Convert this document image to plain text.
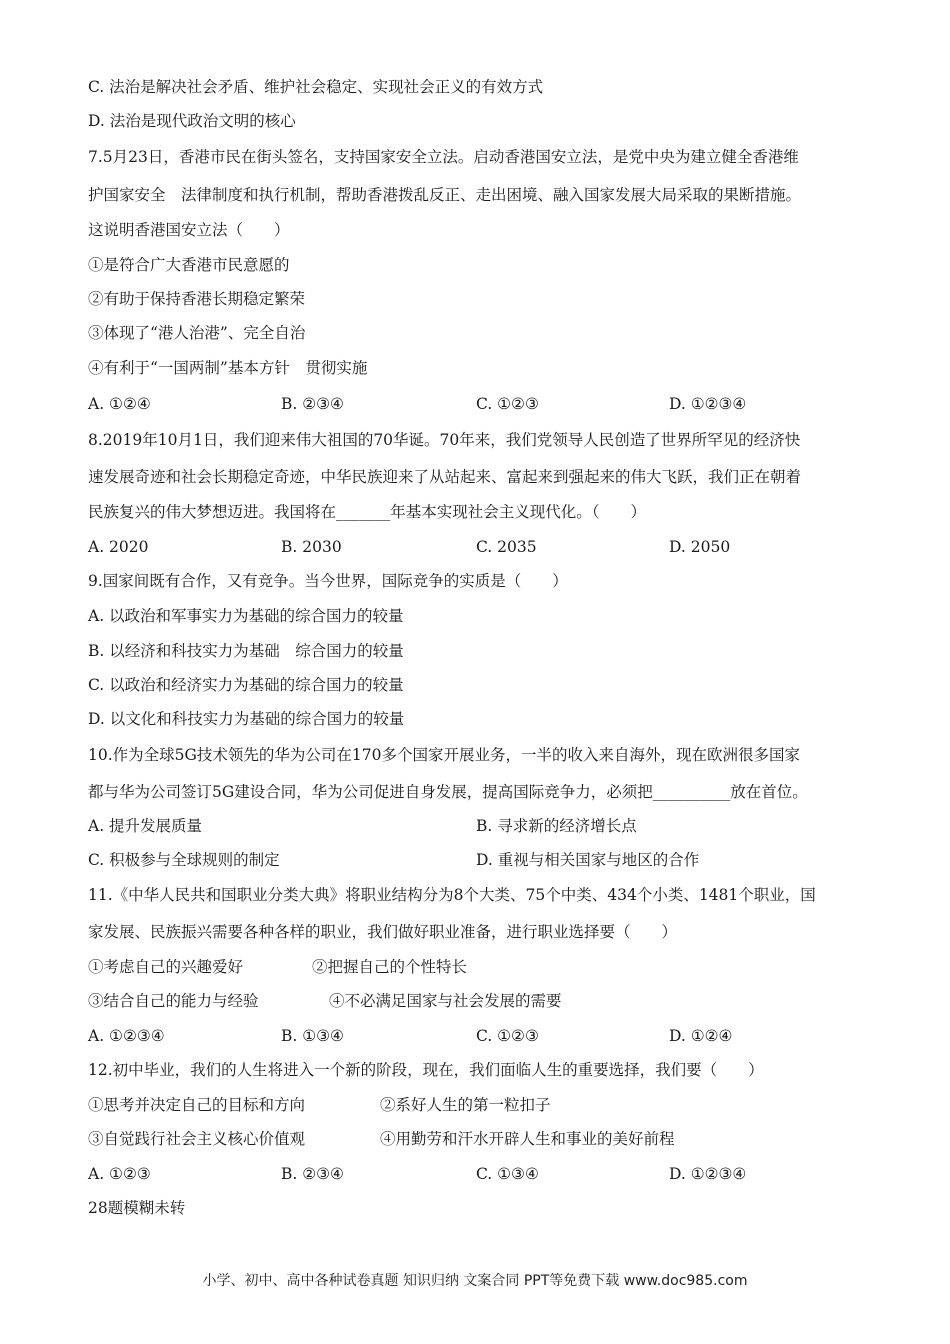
C. 法治是解决社会矛盾、维护社会稳定、实现社会正义的有效方式
D. 法治是现代政治文明的核心
7.5月23日，香港市民在街头签名，支持国家安全立法。启动香港国安立法，是党中央为建立健全香港维
护国家安全　法律制度和执行机制，帮助香港拨乱反正、走出困境、融入国家发展大局采取的果断措施。
这说明香港国安立法（　　）
①是符合广大香港市民意愿的
②有助于保持香港长期稳定繁荣
③体现了“港人治港”、完全自治
④有利于“一国两制”基本方针　贯彻实施
A. ①②④	B. ②③④	C. ①②③	D. ①②③④
8.2019年10月1日，我们迎来伟大祖国的70华诞。70年来，我们党领导人民创造了世界所罕见的经济快
速发展奇迹和社会长期稳定奇迹，中华民族迎来了从站起来、富起来到强起来的伟大飞跃，我们正在朝着
民族复兴的伟大梦想迈进。我国将在_______年基本实现社会主义现代化。（　　）
A. 2020	B. 2030	C. 2035	D. 2050
9.国家间既有合作，又有竞争。当今世界，国际竞争的实质是（　　）
A. 以政治和军事实力为基础的综合国力的较量
B. 以经济和科技实力为基础　综合国力的较量
C. 以政治和经济实力为基础的综合国力的较量
D. 以文化和科技实力为基础的综合国力的较量
10.作为全球5G技术领先的华为公司在170多个国家开展业务，一半的收入来自海外，现在欧洲很多国家
都与华为公司签订5G建设合同，华为公司促进自身发展，提高国际竞争力，必须把__________放在首位。
A. 提升发展质量	B. 寻求新的经济增长点
C. 积极参与全球规则的制定	D. 重视与相关国家与地区的合作
11.《中华人民共和国职业分类大典》将职业结构分为8个大类、75个中类、434个小类、1481个职业，国
家发展、民族振兴需要各种各样的职业，我们做好职业准备，进行职业选择要（　　）
①考虑自己的兴趣爱好	②把握自己的个性特长
③结合自己的能力与经验	④不必满足国家与社会发展的需要
A. ①②③④	B. ①③④	C. ①②③	D. ①②④
12.初中毕业，我们的人生将进入一个新的阶段，现在，我们面临人生的重要选择，我们要（　　）
①思考并决定自己的目标和方向	②系好人生的第一粒扣子
③自觉践行社会主义核心价值观	④用勤劳和汗水开辟人生和事业的美好前程
A. ①②③	B. ②③④	C. ①③④	D. ①②③④
28题模糊未转
小学、初中、高中各种试卷真题 知识归纳 文案合同 PPT等免费下载 www.doc985.com
